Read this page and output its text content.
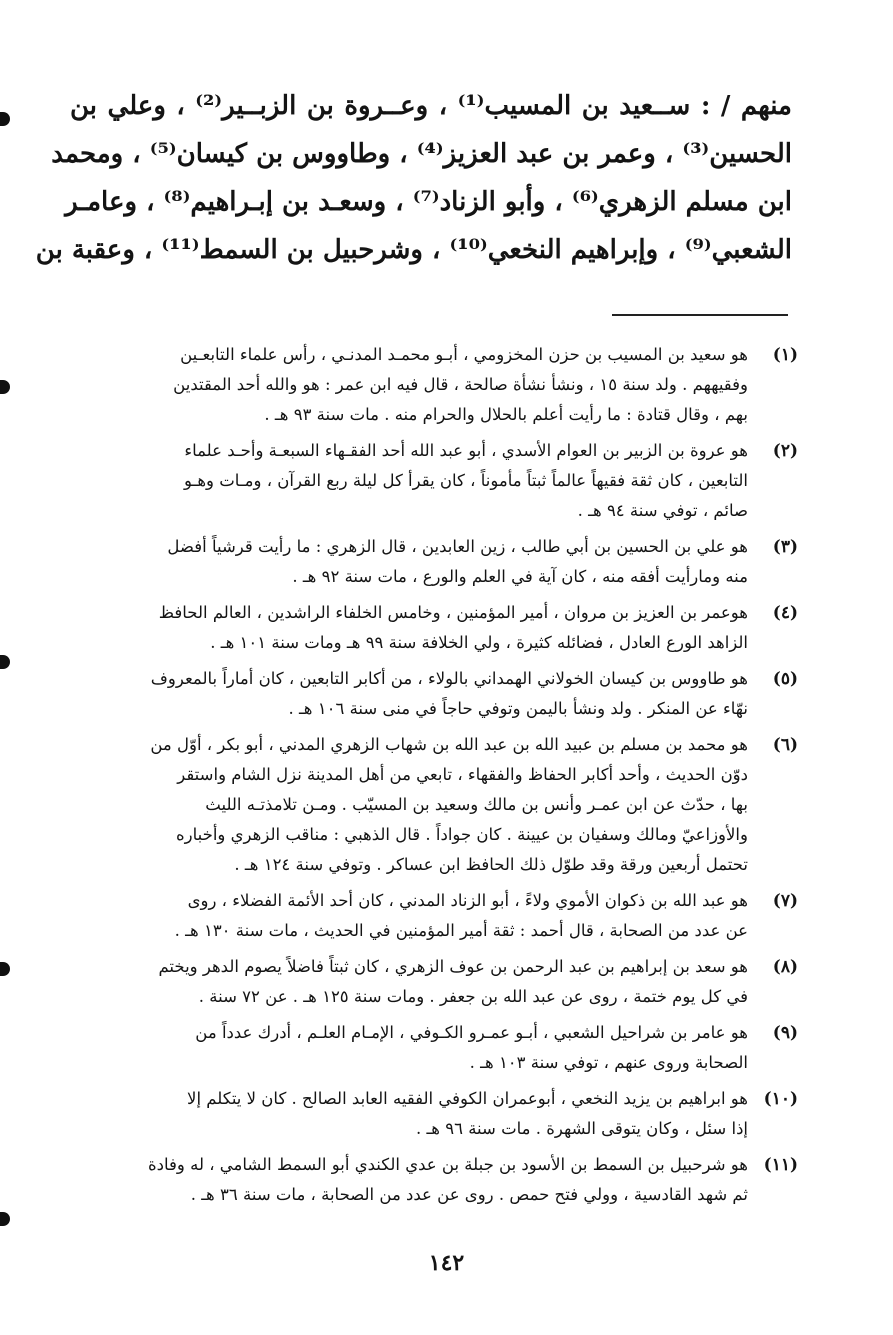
منهم / : ســعيد بن المسيب⁽¹⁾ ، وعــروة بن الزبــير⁽²⁾ ، وعلي بن
الحسين⁽³⁾ ، وعمر بن عبد العزيز⁽⁴⁾ ، وطاووس بن كيسان⁽⁵⁾ ، ومحمد
ابن مسلم الزهري⁽⁶⁾ ، وأبو الزناد⁽⁷⁾ ، وسعـد بن إبـراهيم⁽⁸⁾ ، وعامـر
الشعبي⁽⁹⁾ ، وإبراهيم النخعي⁽¹⁰⁾ ، وشرحبيل بن السمط⁽¹¹⁾ ، وعقبة بن
(١)
هو سعيد بن المسيب بن حزن المخزومي ، أبـو محمـد المدنـي ، رأس علماء التابعـين
وفقيههم . ولد سنة ١٥ ، ونشأ نشأة صالحة ، قال فيه ابن عمر : هو والله أحد المقتدين
بهم ، وقال قتادة : ما رأيت أعلم بالحلال والحرام منه . مات سنة ٩٣ هـ .
(٢)
هو عروة بن الزبير بن العوام الأسدي ، أبو عبد الله أحد الفقـهاء السبعـة وأحـد علماء
التابعين ، كان ثقة فقيهاً عالماً ثبتاً مأموناً ، كان يقرأ كل ليلة ربع القرآن ، ومـات وهـو
صائم ، توفي سنة ٩٤ هـ .
(٣)
هو علي بن الحسين بن أبي طالب ، زين العابدين ، قال الزهري : ما رأيت قرشياً أفضل
منه ومارأيت أفقه منه ، كان آية في العلم والورع ، مات سنة ٩٢ هـ .
(٤)
هوعمر بن العزيز بن مروان ، أمير المؤمنين ، وخامس الخلفاء الراشدين ، العالم الحافظ
الزاهد الورع العادل ، فضائله كثيرة ، ولي الخلافة سنة ٩٩ هـ ومات سنة ١٠١ هـ .
(٥)
هو طاووس بن كيسان الخولاني الهمداني بالولاء ، من أكابر التابعين ، كان أماراً بالمعروف
نهّاء عن المنكر . ولد ونشأ باليمن وتوفي حاجاً في منى سنة ١٠٦ هـ .
(٦)
هو محمد بن مسلم بن عبيد الله بن عبد الله بن شهاب الزهري المدني ، أبو بكر ، أوّل من
دوّن الحديث ، وأحد أكابر الحفاظ والفقهاء ، تابعي من أهل المدينة نزل الشام واستقر
بها ، حدّث عن ابن عمـر وأنس بن مالك وسعيد بن المسيّب . ومـن تلامذتـه الليث
والأوزاعيّ ومالك وسفيان بن عيينة . كان جواداً . قال الذهبي : مناقب الزهري وأخباره
تحتمل أربعين ورقة وقد طوّل ذلك الحافظ ابن عساكر . وتوفي سنة ١٢٤ هـ .
(٧)
هو عبد الله بن ذكوان الأموي ولاءً ، أبو الزناد المدني ، كان أحد الأئمة الفضلاء ، روى
عن عدد من الصحابة ، قال أحمد : ثقة أمير المؤمنين في الحديث ، مات سنة ١٣٠ هـ .
(٨)
هو سعد بن إبراهيم بن عبد الرحمن بن عوف الزهري ، كان ثبتاً فاضلاً يصوم الدهر ويختم
في كل يوم ختمة ، روى عن عبد الله بن جعفر . ومات سنة ١٢٥ هـ . عن ٧٢ سنة .
(٩)
هو عامر بن شراحيل الشعبي ، أبـو عمـرو الكـوفي ، الإمـام العلـم ، أدرك عدداً من
الصحابة وروى عنهم ، توفي سنة ١٠٣ هـ .
(١٠)
هو ابراهيم بن يزيد النخعي ، أبوعمران الكوفي الفقيه العابد الصالح . كان لا يتكلم إلا
إذا سئل ، وكان يتوقى الشهرة . مات سنة ٩٦ هـ .
(١١)
هو شرحبيل بن السمط بن الأسود بن جبلة بن عدي الكندي أبو السمط الشامي ، له وفادة
ثم شهد القادسية ، وولي فتح حمص . روى عن عدد من الصحابة ، مات سنة ٣٦ هـ .
١٤٢
